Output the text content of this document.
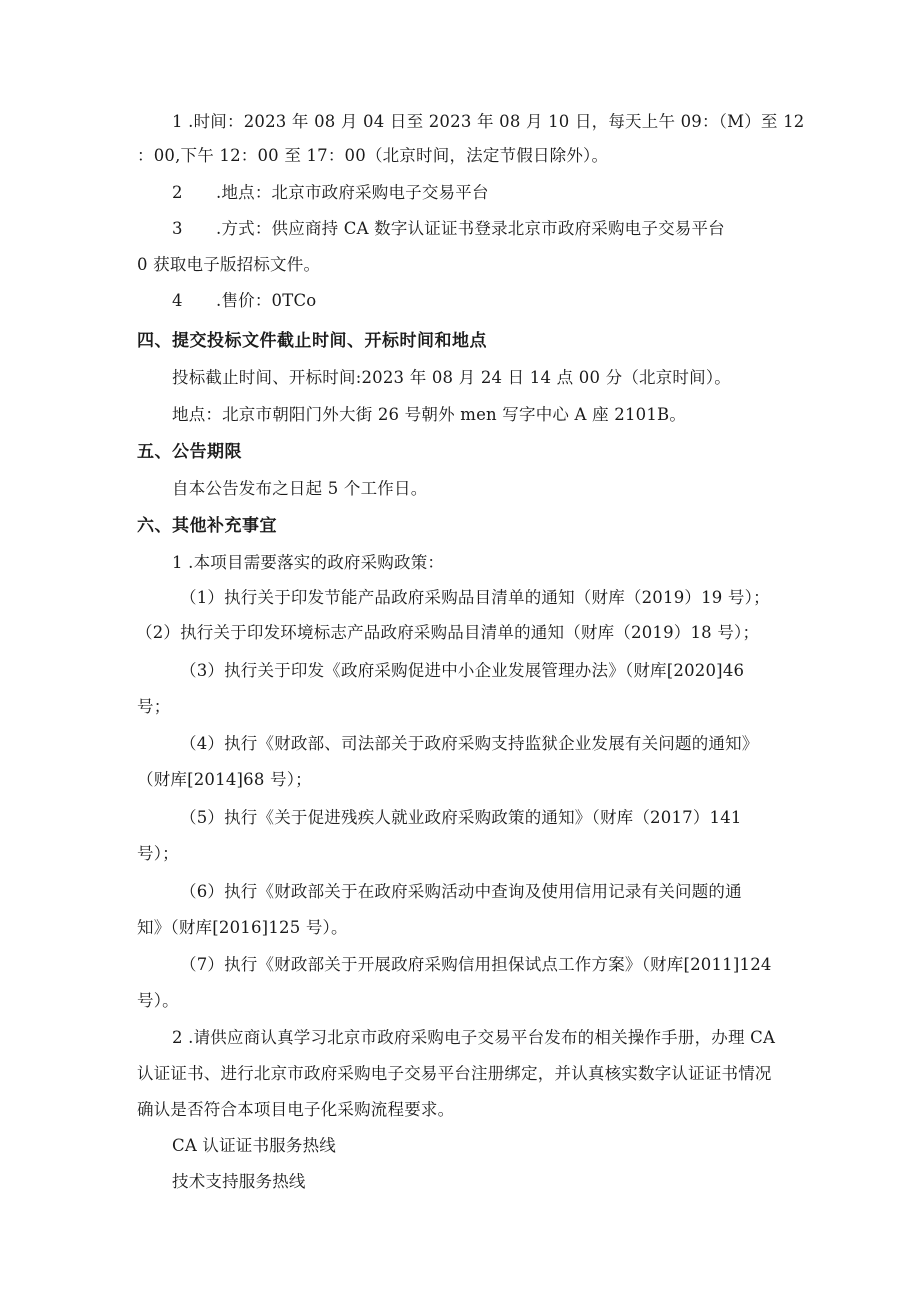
1 .时间：2023 年 08 月 04 日至 2023 年 08 月 10 日，每天上午 09：（M）至 12
：00,下午 12：00 至 17：00（北京时间，法定节假日除外）。
2 .地点：北京市政府采购电子交易平台
3 .方式：供应商持 CA 数字认证证书登录北京市政府采购电子交易平台
0 获取电子版招标文件。
4 .售价：0TCo
四、提交投标文件截止时间、开标时间和地点
投标截止时间、开标时间:2023 年 08 月 24 日 14 点 00 分（北京时间）。
地点：北京市朝阳门外大街 26 号朝外 men 写字中心 A 座 2101B。
五、公告期限
自本公告发布之日起 5 个工作日。
六、其他补充事宜
1 .本项目需要落实的政府采购政策：
（1）执行关于印发节能产品政府采购品目清单的通知（财库（2019）19 号）；
（2）执行关于印发环境标志产品政府采购品目清单的通知（财库（2019）18 号）；
（3）执行关于印发《政府采购促进中小企业发展管理办法》（财库[2020]46
号；
（4）执行《财政部、司法部关于政府采购支持监狱企业发展有关问题的通知》
（财库[2014]68 号）；
（5）执行《关于促进残疾人就业政府采购政策的通知》（财库（2017）141
号）；
（6）执行《财政部关于在政府采购活动中查询及使用信用记录有关问题的通
知》（财库[2016]125 号）。
（7）执行《财政部关于开展政府采购信用担保试点工作方案》（财库[2011]124
号）。
2 .请供应商认真学习北京市政府采购电子交易平台发布的相关操作手册，办理 CA
认证证书、进行北京市政府采购电子交易平台注册绑定，并认真核实数字认证证书情况
确认是否符合本项目电子化采购流程要求。
CA 认证证书服务热线
技术支持服务热线
